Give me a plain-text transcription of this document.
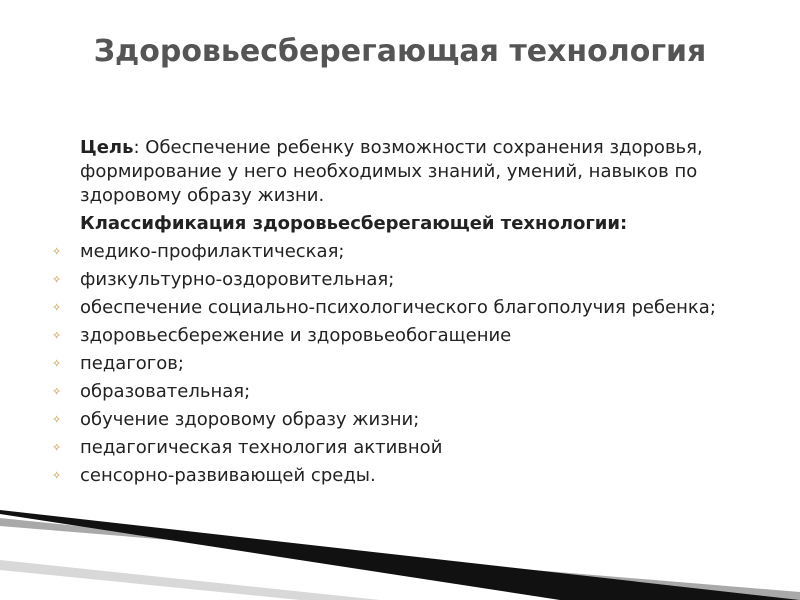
Здоровьесберегающая технология

Цель: Обеспечение ребенку возможности сохранения здоровья, формирование у него необходимых знаний, умений, навыков по здоровому образу жизни.

Классификация здоровьесберегающей технологии:

✧	медико-профилактическая;
✧	физкультурно-оздоровительная;
✧	обеспечение социально-психологического благополучия ребенка;
✧	здоровьесбережение и здоровьеобогащение
✧	педагогов;
✧	образовательная;
✧	обучение здоровому образу жизни;
✧	педагогическая технология активной
✧	сенсорно-развивающей среды.
